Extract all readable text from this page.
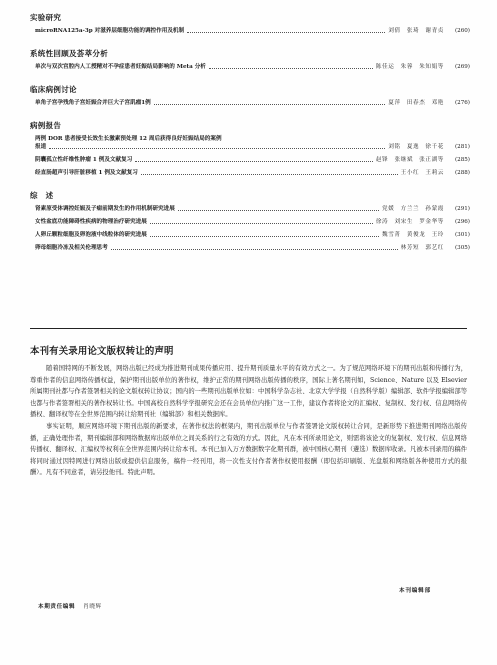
实验研究
microRNA125a-3p 对滋养层细胞功能的调控作用及机制	刘倩　张琦　谢青贞	(260)
系统性回顾及荟萃分析
单次与双次宫腔内人工授精对不孕症患者妊娠结局影响的 Meta 分析	陈佳运　朱蓉　朱知娟等	(269)
临床病例讨论
单角子宫孕残角子宫妊娠合并巨大子宫肌瘤1例	夏萍　田春杰　邓艳	(276)
病例报告
两例 DOR 患者接受长效生长激素预处理 12 周后获得良好妊娠结局的案例
报道	刘铭　夏逸　徐千花	(281)
阴囊孤立性纤维性肿瘤 1 例及文献复习	赵锋　张继斌　张正湖等	(285)
经直肠超声引导肝脏移植 1 例及文献复习	王小红　王莉云	(288)
综　述
肾素原受体调控妊娠及子痫前期发生的作用机制研究进展	党媛　方兰兰　孙蒙霞	(291)
女性盆底功能障碍性疾病的物理治疗研究进展	徐涛　刘宋生　罗金华等	(296)
人卵丘颗粒细胞及卵泡液中线粒体的研究进展	魏雪菁　黄俊龙　王玲	(301)
卵母细胞冷冻及相关伦理思考	林芳短　郭艺红	(305)
本刊有关录用论文版权转让的声明

随着国特网的不断发展，网络出版已经成为推进期刊成果传播应用、提升期刊质量水平的有效方式之一。为了规范网络环境下的期刊出版和传播行为，尊重作者的信息网络传播权益，保护期刊出版单位的著作权，维护正常的期刊网络出版传播的秩序，国际上著名期刊如，Science、Nature 以及 Elsevier 所属期刊社都与作者签署相关的论文版权转让协议；国内的一些期刊出版单位如：中国科学杂志社、北京大学学报（自然科学版）编辑部、软件学报编辑部等也都与作者签署相关的著作权转让书。中国高校自然科学学报研究会还在会员单位内推广这一工作，建议作者将论文的汇编权、复制权、发行权、信息网络传播权、翻译权等在全世界范围内转让给期刊社（编辑部）和相关数据库。

事实证明，顺应网络环境下期刊出版的新要求，在著作权法的框架内，期刊出版单位与作者签署论文版权转让合同，是新形势下推进期刊网络出版传播，正确处理作者，期刊编辑部和网络数据库出版单位之间关系的行之有效的方式。因此，凡在本刊所录用论文，则需将该论文的复制权、发行权、信息网络传播权、翻译权、汇编权等权利在全世界范围内转让给本刊。本刊已加入万方数据数字化期刊群，被中国核心期刊（遴选）数据库收录。凡被本刊录用的稿件将同时通过因特网进行网络出版或提供信息服务，稿件一经刊用，将一次性支付作者著作权使用报酬（即包括印刷版、光盘版和网络版各种使用方式的报酬）。凡有不同意者，请另投他刊。特此声明。

本刊编辑部
本期责任编辑 肖晓辉
